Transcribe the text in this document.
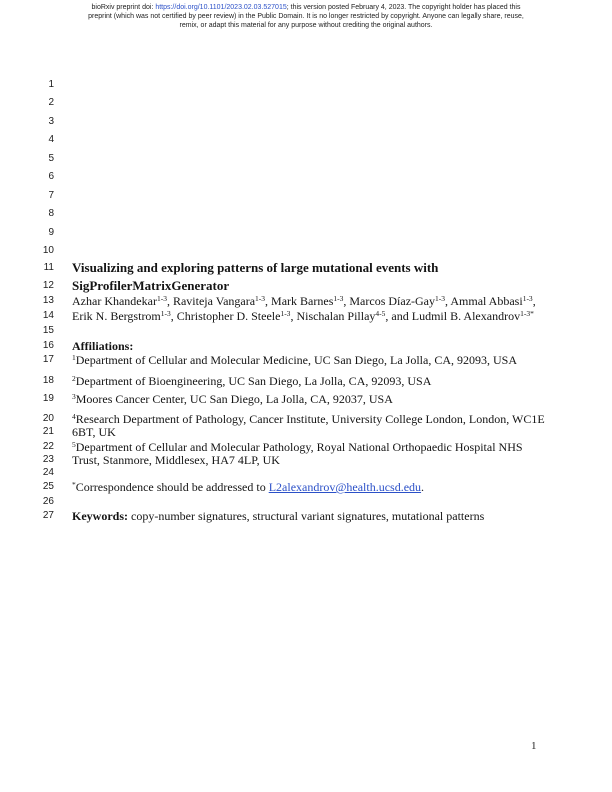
bioRxiv preprint doi: https://doi.org/10.1101/2023.02.03.527015; this version posted February 4, 2023. The copyright holder has placed this
preprint (which was not certified by peer review) in the Public Domain. It is no longer restricted by copyright. Anyone can legally share, reuse,
remix, or adapt this material for any purpose without crediting the original authors.
1
2
3
4
5
6
7
8
9
10
11 Visualizing and exploring patterns of large mutational events with
12 SigProfilerMatrixGenerator
13 Azhar Khandekar$^{1-3}$, Raviteja Vangara$^{1-3}$, Mark Barnes$^{1-3}$, Marcos Díaz-Gay$^{1-3}$, Ammal Abbasi$^{1-3}$,
14 Erik N. Bergstrom$^{1-3}$, Christopher D. Steele$^{1-3}$, Nischalan Pillay$^{4-5}$, and Ludmil B. Alexandrov$^{1-3*}$
15
16 Affiliations:
17 $^1$Department of Cellular and Molecular Medicine, UC San Diego, La Jolla, CA, 92093, USA
18 $^2$Department of Bioengineering, UC San Diego, La Jolla, CA, 92093, USA
19 $^3$Moores Cancer Center, UC San Diego, La Jolla, CA, 92037, USA
20 $^4$Research Department of Pathology, Cancer Institute, University College London, London, WC1E
21 6BT, UK
22 $^5$Department of Cellular and Molecular Pathology, Royal National Orthopaedic Hospital NHS
23 Trust, Stanmore, Middlesex, HA7 4LP, UK
24
25 *Correspondence should be addressed to L2alexandrov@health.ucsd.edu.
26
27 Keywords: copy-number signatures, structural variant signatures, mutational patterns
1
